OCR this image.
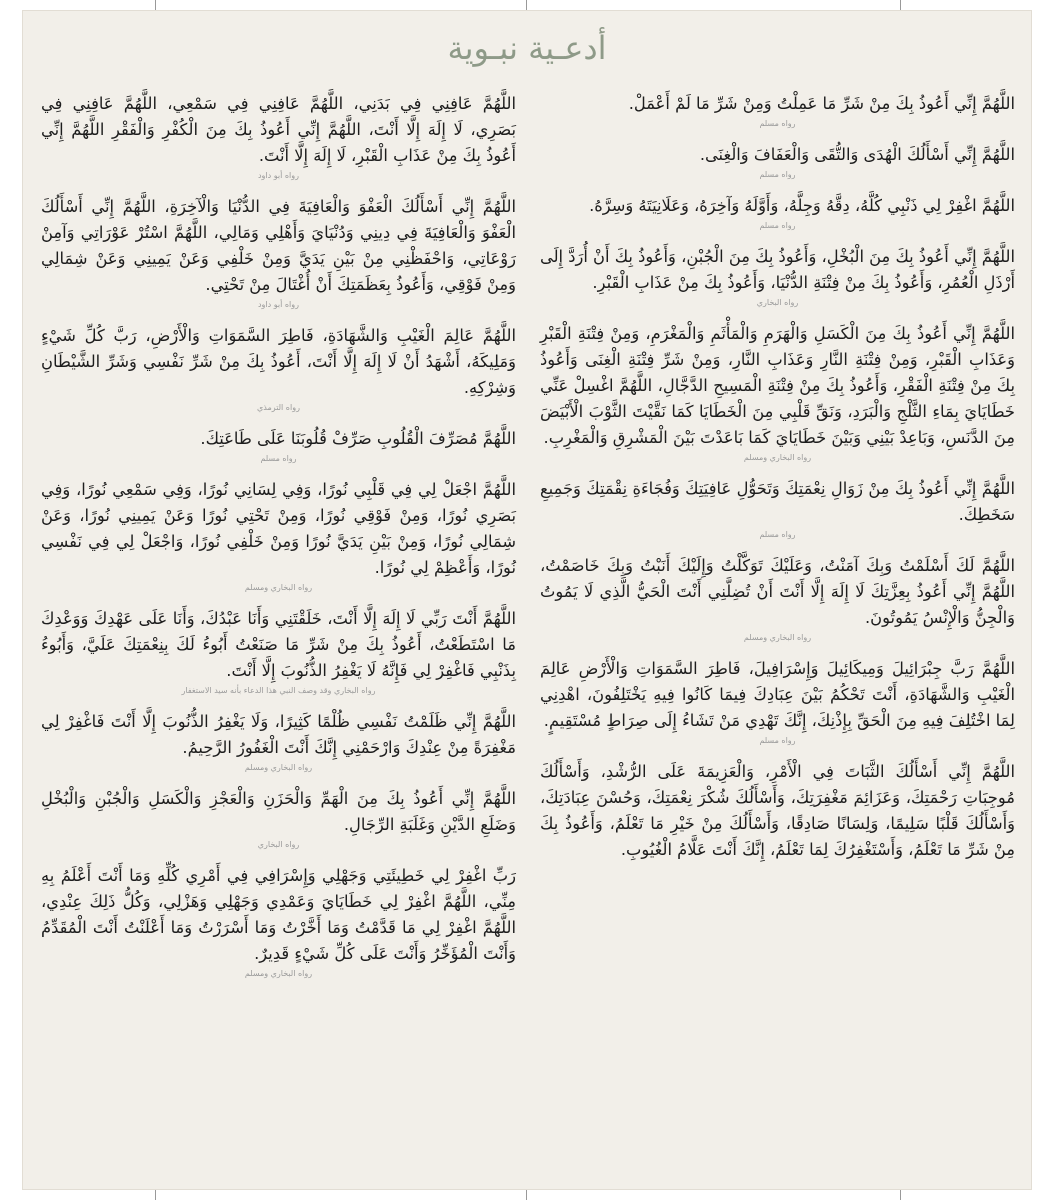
أدعـية نبـوية

اللَّهُمَّ عَافِنِي فِي بَدَنِي، اللَّهُمَّ عَافِنِي فِي سَمْعِي، اللَّهُمَّ عَافِنِي فِي بَصَرِي، لَا إِلَهَ إِلَّا أَنْتَ، اللَّهُمَّ إِنِّي أَعُوذُ بِكَ مِنَ الْكُفْرِ وَالْفَقْرِ اللَّهُمَّ إِنِّي أَعُوذُ بِكَ مِنْ عَذَابِ الْقَبْرِ، لَا إِلَهَ إِلَّا أَنْتَ.

رواه أبو داود

اللَّهُمَّ إِنِّي أَسْأَلُكَ الْعَفْوَ وَالْعَافِيَةَ فِي الدُّنْيَا وَالْآخِرَةِ، اللَّهُمَّ إِنِّي أَسْأَلُكَ الْعَفْوَ وَالْعَافِيَةَ فِي دِينِي وَدُنْيَايَ وَأَهْلِي وَمَالِي، اللَّهُمَّ اسْتُرْ عَوْرَاتِي وَآمِنْ رَوْعَاتِي، وَاحْفَظْنِي مِنْ بَيْنِ يَدَيَّ وَمِنْ خَلْفِي وَعَنْ يَمِينِي وَعَنْ شِمَالِي وَمِنْ فَوْقِي، وَأَعُوذُ بِعَظَمَتِكَ أَنْ أُغْتَالَ مِنْ تَحْتِي.

رواه أبو داود

اللَّهُمَّ عَالِمَ الْغَيْبِ وَالشَّهَادَةِ، فَاطِرَ السَّمَوَاتِ وَالْأَرْضِ، رَبَّ كُلِّ شَيْءٍ وَمَلِيكَهُ، أَشْهَدُ أَنْ لَا إِلَهَ إِلَّا أَنْتَ، أَعُوذُ بِكَ مِنْ شَرِّ نَفْسِي وَشَرِّ الشَّيْطَانِ وَشِرْكِهِ.

رواه الترمذي

اللَّهُمَّ مُصَرِّفَ الْقُلُوبِ صَرِّفْ قُلُوبَنَا عَلَى طَاعَتِكَ.

رواه مسلم

اللَّهُمَّ اجْعَلْ لِي فِي قَلْبِي نُورًا، وَفِي لِسَانِي نُورًا، وَفِي سَمْعِي نُورًا، وَفِي بَصَرِي نُورًا، وَمِنْ فَوْقِي نُورًا، وَمِنْ تَحْتِي نُورًا وَعَنْ يَمِينِي نُورًا، وَعَنْ شِمَالِي نُورًا، وَمِنْ بَيْنِ يَدَيَّ نُورًا وَمِنْ خَلْفِي نُورًا، وَاجْعَلْ لِي فِي نَفْسِي نُورًا، وَأَعْظِمْ لِي نُورًا.

رواه البخاري ومسلم

اللَّهُمَّ أَنْتَ رَبِّي لَا إِلَهَ إِلَّا أَنْتَ، خَلَقْتَنِي وَأَنَا عَبْدُكَ، وَأَنَا عَلَى عَهْدِكَ وَوَعْدِكَ مَا اسْتَطَعْتُ، أَعُوذُ بِكَ مِنْ شَرِّ مَا صَنَعْتُ أَبُوءُ لَكَ بِنِعْمَتِكَ عَلَيَّ، وَأَبُوءُ بِذَنْبِي فَاغْفِرْ لِي فَإِنَّهُ لَا يَغْفِرُ الذُّنُوبَ إِلَّا أَنْتَ.

رواه البخاري وقد وصف النبي هذا الدعاء بأنه سيد الاستغفار

اللَّهُمَّ إِنِّي ظَلَمْتُ نَفْسِي ظُلْمًا كَثِيرًا، وَلَا يَغْفِرُ الذُّنُوبَ إِلَّا أَنْتَ فَاغْفِرْ لِي مَغْفِرَةً مِنْ عِنْدِكَ وَارْحَمْنِي إِنَّكَ أَنْتَ الْغَفُورُ الرَّحِيمُ.

رواه البخاري ومسلم

اللَّهُمَّ إِنِّي أَعُوذُ بِكَ مِنَ الْهَمِّ وَالْحَزَنِ وَالْعَجْزِ وَالْكَسَلِ وَالْجُبْنِ وَالْبُخْلِ وَضَلَعِ الدَّيْنِ وَغَلَبَةِ الرِّجَالِ.

رواه البخاري

رَبِّ اغْفِرْ لِي خَطِيئَتِي وَجَهْلِي وَإِسْرَافِي فِي أَمْرِي كُلِّهِ وَمَا أَنْتَ أَعْلَمُ بِهِ مِنِّي، اللَّهُمَّ اغْفِرْ لِي خَطَايَايَ وَعَمْدِي وَجَهْلِي وَهَزْلِي، وَكُلُّ ذَلِكَ عِنْدِي، اللَّهُمَّ اغْفِرْ لِي مَا قَدَّمْتُ وَمَا أَخَّرْتُ وَمَا أَسْرَرْتُ وَمَا أَعْلَنْتُ أَنْتَ الْمُقَدِّمُ وَأَنْتَ الْمُؤَخِّرُ وَأَنْتَ عَلَى كُلِّ شَيْءٍ قَدِيرٌ.

رواه البخاري ومسلم

اللَّهُمَّ إِنِّي أَعُوذُ بِكَ مِنْ شَرِّ مَا عَمِلْتُ وَمِنْ شَرِّ مَا لَمْ أَعْمَلْ.

رواه مسلم

اللَّهُمَّ إِنِّي أَسْأَلُكَ الْهُدَى وَالتُّقَى وَالْعَفَافَ وَالْغِنَى.

رواه مسلم

اللَّهُمَّ اغْفِرْ لِي ذَنْبِي كُلَّهُ، دِقَّهُ وَجِلَّهُ، وَأَوَّلَهُ وَآخِرَهُ، وَعَلَانِيَتَهُ وَسِرَّهُ.

رواه مسلم

اللَّهُمَّ إِنِّي أَعُوذُ بِكَ مِنَ الْبُخْلِ، وَأَعُوذُ بِكَ مِنَ الْجُبْنِ، وَأَعُوذُ بِكَ أَنْ أُرَدَّ إِلَى أَرْذَلِ الْعُمُرِ، وَأَعُوذُ بِكَ مِنْ فِتْنَةِ الدُّنْيَا، وَأَعُوذُ بِكَ مِنْ عَذَابِ الْقَبْرِ.

رواه البخاري

اللَّهُمَّ إِنِّي أَعُوذُ بِكَ مِنَ الْكَسَلِ وَالْهَرَمِ وَالْمَأْثَمِ وَالْمَغْرَمِ، وَمِنْ فِتْنَةِ الْقَبْرِ وَعَذَابِ الْقَبْرِ، وَمِنْ فِتْنَةِ النَّارِ وَعَذَابِ النَّارِ، وَمِنْ شَرِّ فِتْنَةِ الْغِنَى وَأَعُوذُ بِكَ مِنْ فِتْنَةِ الْفَقْرِ، وَأَعُوذُ بِكَ مِنْ فِتْنَةِ الْمَسِيحِ الدَّجَّالِ، اللَّهُمَّ اغْسِلْ عَنِّي خَطَايَايَ بِمَاءِ الثَّلْجِ وَالْبَرَدِ، وَنَقِّ قَلْبِي مِنَ الْخَطَايَا كَمَا نَقَّيْتَ الثَّوْبَ الْأَبْيَضَ مِنَ الدَّنَسِ، وَبَاعِدْ بَيْنِي وَبَيْنَ خَطَايَايَ كَمَا بَاعَدْتَ بَيْنَ الْمَشْرِقِ وَالْمَغْرِبِ.

رواه البخاري ومسلم

اللَّهُمَّ إِنِّي أَعُوذُ بِكَ مِنْ زَوَالِ نِعْمَتِكَ وَتَحَوُّلِ عَافِيَتِكَ وَفُجَاءَةِ نِقْمَتِكَ وَجَمِيعِ سَخَطِكَ.

رواه مسلم

اللَّهُمَّ لَكَ أَسْلَمْتُ وَبِكَ آمَنْتُ، وَعَلَيْكَ تَوَكَّلْتُ وَإِلَيْكَ أَنَبْتُ وَبِكَ خَاصَمْتُ، اللَّهُمَّ إِنِّي أَعُوذُ بِعِزَّتِكَ لَا إِلَهَ إِلَّا أَنْتَ أَنْ تُضِلَّنِي أَنْتَ الْحَيُّ الَّذِي لَا يَمُوتُ وَالْجِنُّ وَالْإِنْسُ يَمُوتُونَ.

رواه البخاري ومسلم

اللَّهُمَّ رَبَّ جِبْرَائِيلَ وَمِيكَائِيلَ وَإِسْرَافِيلَ، فَاطِرَ السَّمَوَاتِ وَالْأَرْضِ عَالِمَ الْغَيْبِ وَالشَّهَادَةِ، أَنْتَ تَحْكُمُ بَيْنَ عِبَادِكَ فِيمَا كَانُوا فِيهِ يَخْتَلِفُونَ، اهْدِنِي لِمَا اخْتُلِفَ فِيهِ مِنَ الْحَقِّ بِإِذْنِكَ، إِنَّكَ تَهْدِي مَنْ تَشَاءُ إِلَى صِرَاطٍ مُسْتَقِيمٍ.

رواه مسلم

اللَّهُمَّ إِنِّي أَسْأَلُكَ الثَّبَاتَ فِي الْأَمْرِ، وَالْعَزِيمَةَ عَلَى الرُّشْدِ، وَأَسْأَلُكَ مُوجِبَاتِ رَحْمَتِكَ، وَعَزَائِمَ مَغْفِرَتِكَ، وَأَسْأَلُكَ شُكْرَ نِعْمَتِكَ، وَحُسْنَ عِبَادَتِكَ، وَأَسْأَلُكَ قَلْبًا سَلِيمًا، وَلِسَانًا صَادِقًا، وَأَسْأَلُكَ مِنْ خَيْرِ مَا تَعْلَمُ، وَأَعُوذُ بِكَ مِنْ شَرِّ مَا تَعْلَمُ، وَأَسْتَغْفِرُكَ لِمَا تَعْلَمُ، إِنَّكَ أَنْتَ عَلَّامُ الْغُيُوبِ.
